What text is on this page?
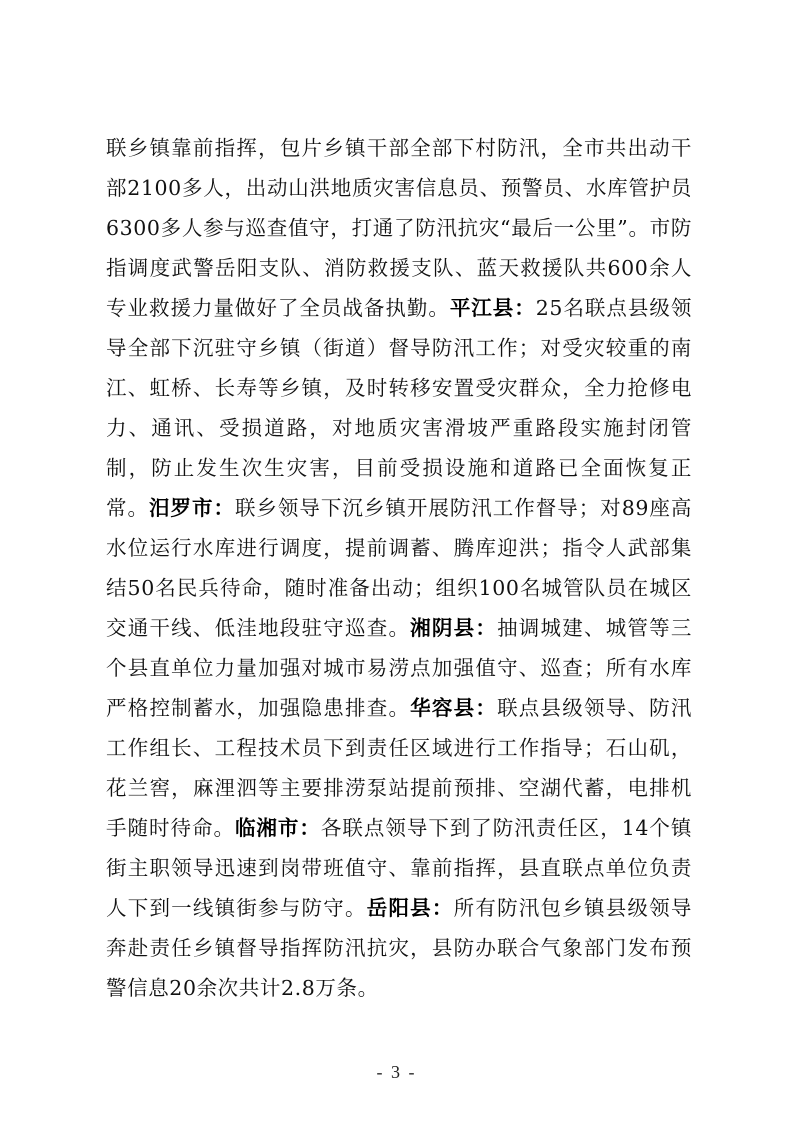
联乡镇靠前指挥，包片乡镇干部全部下村防汛，全市共出动干部2100多人，出动山洪地质灾害信息员、预警员、水库管护员6300多人参与巡查值守，打通了防汛抗灾“最后一公里”。市防指调度武警岳阳支队、消防救援支队、蓝天救援队共600余人专业救援力量做好了全员战备执勤。平江县：25名联点县级领导全部下沉驻守乡镇（街道）督导防汛工作；对受灾较重的南江、虹桥、长寿等乡镇，及时转移安置受灾群众，全力抢修电力、通讯、受损道路，对地质灾害滑坡严重路段实施封闭管制，防止发生次生灾害，目前受损设施和道路已全面恢复正常。汨罗市：联乡领导下沉乡镇开展防汛工作督导；对89座高水位运行水库进行调度，提前调蓄、腾库迎洪；指令人武部集结50名民兵待命，随时准备出动；组织100名城管队员在城区交通干线、低洼地段驻守巡查。湘阴县：抽调城建、城管等三个县直单位力量加强对城市易涝点加强值守、巡查；所有水库严格控制蓄水，加强隐患排查。华容县：联点县级领导、防汛工作组长、工程技术员下到责任区域进行工作指导；石山矶，花兰窖，麻浬泗等主要排涝泵站提前预排、空湖代蓄，电排机手随时待命。临湘市：各联点领导下到了防汛责任区，14个镇街主职领导迅速到岗带班值守、靠前指挥，县直联点单位负责人下到一线镇街参与防守。岳阳县：所有防汛包乡镇县级领导奔赴责任乡镇督导指挥防汛抗灾，县防办联合气象部门发布预警信息20余次共计2.8万条。

- 3 -
